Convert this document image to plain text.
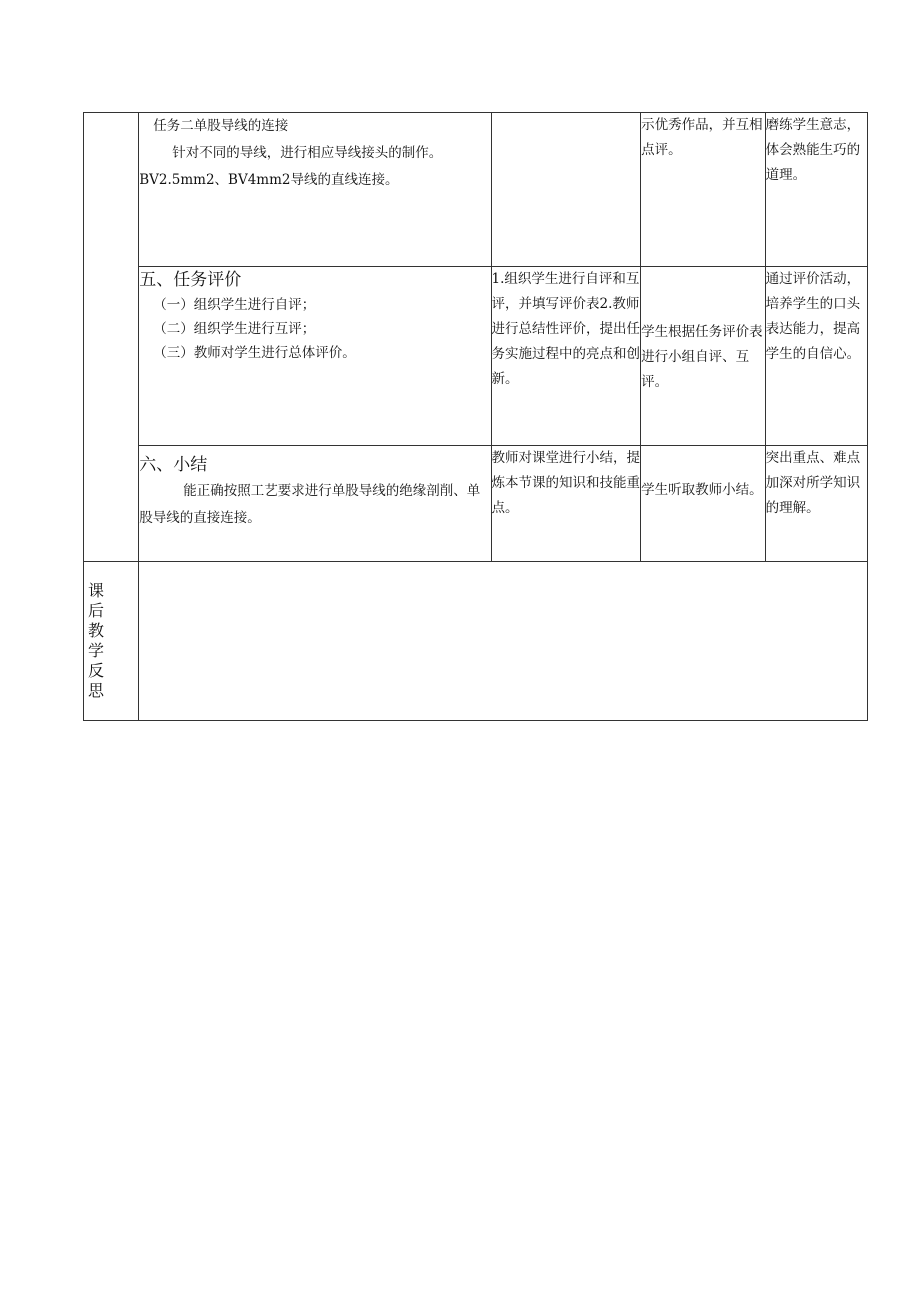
	任务二单股导线的连接
针对不同的导线，进行相应导线接头的制作。
BV2.5mm2、BV4mm2导线的直线连接。		示优秀作品，并互相点评。	磨练学生意志，体会熟能生巧的道理。

	五、任务评价
（一）组织学生进行自评；
（二）组织学生进行互评；
（三）教师对学生进行总体评价。	1.组织学生进行自评和互评，并填写评价表2.教师进行总结性评价，提出任务实施过程中的亮点和创新。	学生根据任务评价表进行小组自评、互评。	通过评价活动，培养学生的口头表达能力，提高学生的自信心。

	六、小结
能正确按照工艺要求进行单股导线的绝缘剖削、单股导线的直接连接。	教师对课堂进行小结，提炼本节课的知识和技能重点。	学生听取教师小结。	突出重点、难点加深对所学知识的理解。

课后教学反思				
